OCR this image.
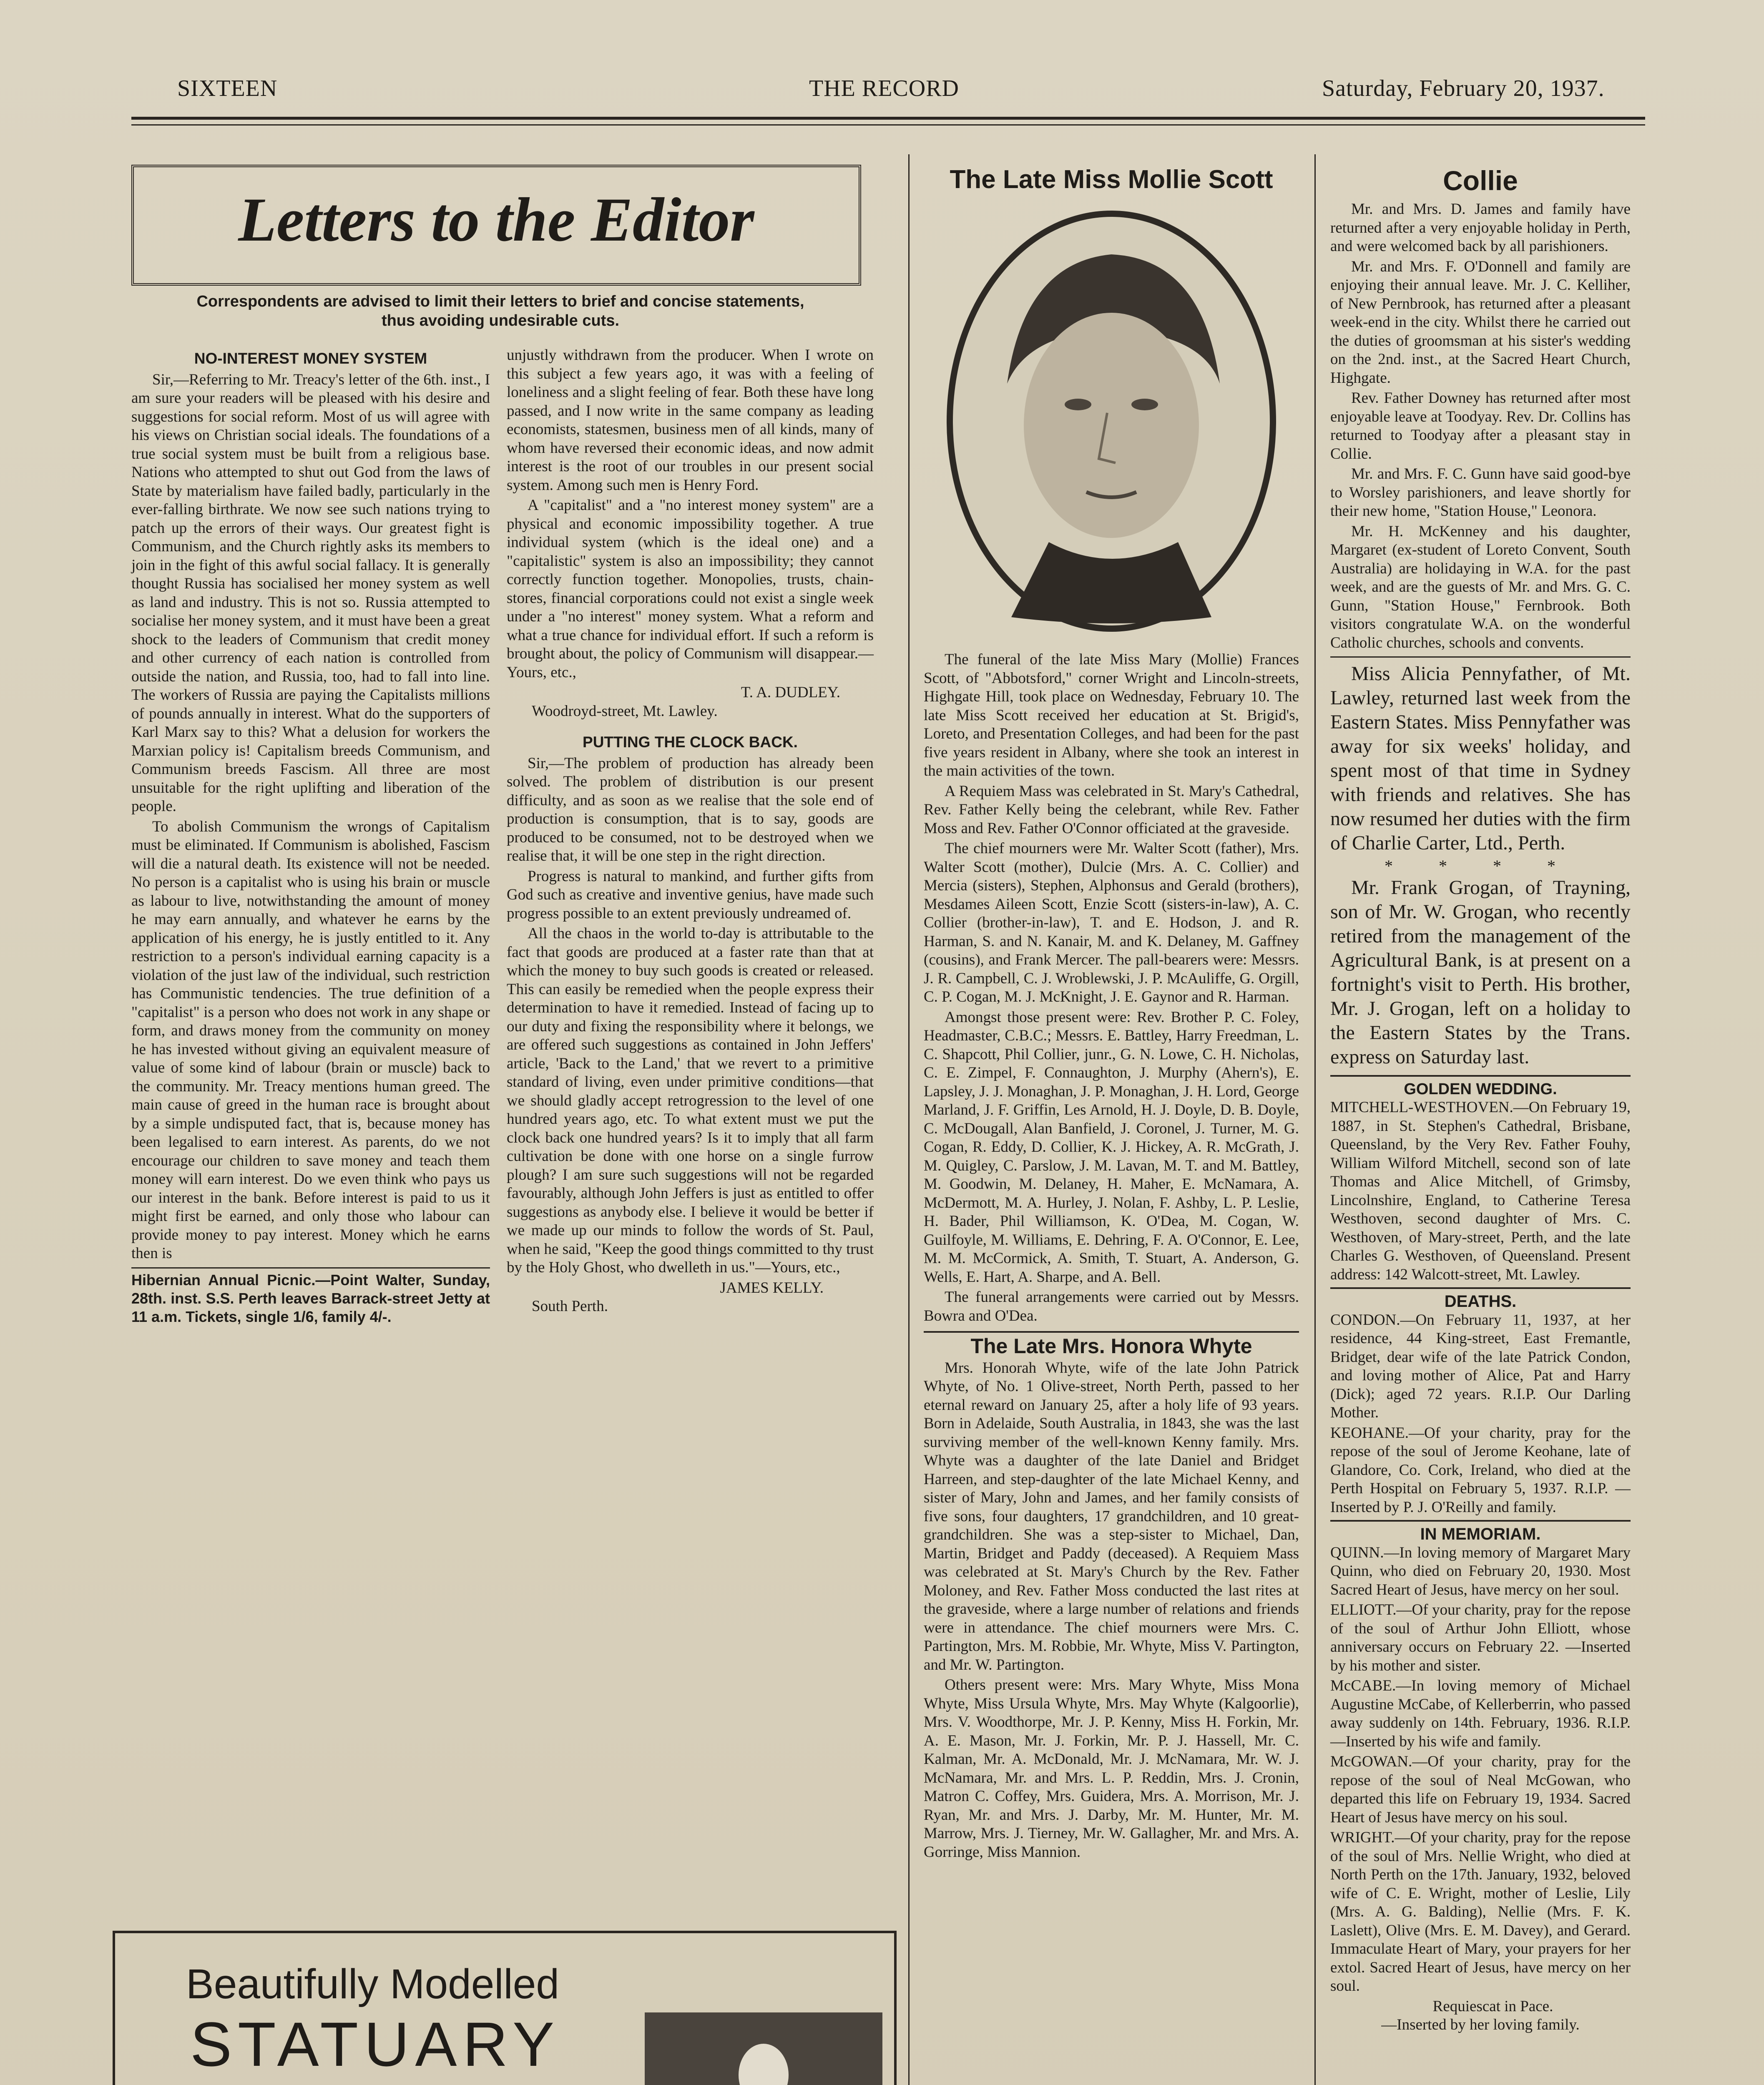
SIXTEEN	THE RECORD	Saturday, February 20, 1937.
Letters to the Editor
Correspondents are advised to limit their letters to brief and concise statements, thus avoiding undesirable cuts.
NO-INTEREST MONEY SYSTEM

Sir,—Referring to Mr. Treacy's letter of the 6th. inst., I am sure your readers will be pleased with his desire and suggestions for social reform. Most of us will agree with his views on Christian social ideals. The foundations of a true social system must be built from a religious base. Nations who attempted to shut out God from the laws of State by materialism have failed badly, particularly in the ever-falling birthrate. We now see such nations trying to patch up the errors of their ways. Our greatest fight is Communism, and the Church rightly asks its members to join in the fight of this awful social fallacy. It is generally thought Russia has socialised her money system as well as land and industry. This is not so. Russia attempted to socialise her money system, and it must have been a great shock to the leaders of Communism that credit money and other currency of each nation is controlled from outside the nation, and Russia, too, had to fall into line. The workers of Russia are paying the Capitalists millions of pounds annually in interest. What do the supporters of Karl Marx say to this? What a delusion for workers the Marxian policy is! Capitalism breeds Communism, and Communism breeds Fascism. All three are most unsuitable for the right uplifting and liberation of the people.

To abolish Communism the wrongs of Capitalism must be eliminated. If Communism is abolished, Fascism will die a natural death. Its existence will not be needed. No person is a capitalist who is using his brain or muscle as labour to live, notwithstanding the amount of money he may earn annually, and whatever he earns by the application of his energy, he is justly entitled to it. Any restriction to a person's individual earning capacity is a violation of the just law of the individual, such restriction has Communistic tendencies. The true definition of a "capitalist" is a person who does not work in any shape or form, and draws money from the community on money he has invested without giving an equivalent measure of value of some kind of labour (brain or muscle) back to the community. Mr. Treacy mentions human greed. The main cause of greed in the human race is brought about by a simple undisputed fact, that is, because money has been legalised to earn interest. As parents, do we not encourage our children to save money and teach them money will earn interest. Do we even think who pays us our interest in the bank. Before interest is paid to us it might first be earned, and only those who labour can provide money to pay interest. Money which he earns then is

Hibernian Annual Picnic.—Point Walter, Sunday, 28th. inst. S.S. Perth leaves Barrack-street Jetty at 11 a.m. Tickets, single 1/6, family 4/-.

unjustly withdrawn from the producer. When I wrote on this subject a few years ago, it was with a feeling of loneliness and a slight feeling of fear. Both these have long passed, and I now write in the same company as leading economists, statesmen, business men of all kinds, many of whom have reversed their economic ideas, and now admit interest is the root of our troubles in our present social system. Among such men is Henry Ford.

A "capitalist" and a "no interest money system" are a physical and economic impossibility together. A true individual system (which is the ideal one) and a "capitalistic" system is also an impossibility; they cannot correctly function together. Monopolies, trusts, chain-stores, financial corporations could not exist a single week under a "no interest" money system. What a reform and what a true chance for individual effort. If such a reform is brought about, the policy of Communism will disappear.—Yours, etc.,

T. A. DUDLEY.
Woodroyd-street, Mt. Lawley.
PUTTING THE CLOCK BACK.

Sir,—The problem of production has already been solved. The problem of distribution is our present difficulty, and as soon as we realise that the sole end of production is consumption, that is to say, goods are produced to be consumed, not to be destroyed when we realise that, it will be one step in the right direction.

Progress is natural to mankind, and further gifts from God such as creative and inventive genius, have made such progress possible to an extent previously undreamed of.

All the chaos in the world to-day is attributable to the fact that goods are produced at a faster rate than that at which the money to buy such goods is created or released. This can easily be remedied when the people express their determination to have it remedied. Instead of facing up to our duty and fixing the responsibility where it belongs, we are offered such suggestions as contained in John Jeffers' article, 'Back to the Land,' that we revert to a primitive standard of living, even under primitive conditions—that we should gladly accept retrogression to the level of one hundred years ago, etc. To what extent must we put the clock back one hundred years? Is it to imply that all farm cultivation be done with one horse on a single furrow plough? I am sure such suggestions will not be regarded favourably, although John Jeffers is just as entitled to offer suggestions as anybody else. I believe it would be better if we made up our minds to follow the words of St. Paul, when he said, "Keep the good things committed to thy trust by the Holy Ghost, who dwelleth in us."—Yours, etc.,

JAMES KELLY.
South Perth.
Beautifully Modelled
STATUARY
The Late Miss Mollie Scott

The funeral of the late Miss Mary (Mollie) Frances Scott, of "Abbotsford," corner Wright and Lincoln-streets, Highgate Hill, took place on Wednesday, February 10. The late Miss Scott received her education at St. Brigid's, Loreto, and Presentation Colleges, and had been for the past five years resident in Albany, where she took an interest in the main activities of the town.

A Requiem Mass was celebrated in St. Mary's Cathedral, Rev. Father Kelly being the celebrant, while Rev. Father Moss and Rev. Father O'Connor officiated at the graveside.

The chief mourners were Mr. Walter Scott (father), Mrs. Walter Scott (mother), Dulcie (Mrs. A. C. Collier) and Mercia (sisters), Stephen, Alphonsus and Gerald (brothers), Mesdames Aileen Scott, Enzie Scott (sisters-in-law), A. C. Collier (brother-in-law), T. and E. Hodson, J. and R. Harman, S. and N. Kanair, M. and K. Delaney, M. Gaffney (cousins), and Frank Mercer. The pall-bearers were: Messrs. J. R. Campbell, C. J. Wroblewski, J. P. McAuliffe, G. Orgill, C. P. Cogan, M. J. McKnight, J. E. Gaynor and R. Harman.

Amongst those present were: Rev. Brother P. C. Foley, Headmaster, C.B.C.; Messrs. E. Battley, Harry Freedman, L. C. Shapcott, Phil Collier, junr., G. N. Lowe, C. H. Nicholas, C. E. Zimpel, F. Connaughton, J. Murphy (Ahern's), E. Lapsley, J. J. Monaghan, J. P. Monaghan, J. H. Lord, George Marland, J. F. Griffin, Les Arnold, H. J. Doyle, D. B. Doyle, C. McDougall, Alan Banfield, J. Coronel, J. Turner, M. G. Cogan, R. Eddy, D. Collier, K. J. Hickey, A. R. McGrath, J. M. Quigley, C. Parslow, J. M. Lavan, M. T. and M. Battley, M. Goodwin, M. Delaney, H. Maher, E. McNamara, A. McDermott, M. A. Hurley, J. Nolan, F. Ashby, L. P. Leslie, H. Bader, Phil Williamson, K. O'Dea, M. Cogan, W. Guilfoyle, M. Williams, E. Dehring, F. A. O'Connor, E. Lee, M. M. McCormick, A. Smith, T. Stuart, A. Anderson, G. Wells, E. Hart, A. Sharpe, and A. Bell.

The funeral arrangements were carried out by Messrs. Bowra and O'Dea.

The Late Mrs. Honora Whyte

Mrs. Honorah Whyte, wife of the late John Patrick Whyte, of No. 1 Olive-street, North Perth, passed to her eternal reward on January 25, after a holy life of 93 years. Born in Adelaide, South Australia, in 1843, she was the last surviving member of the well-known Kenny family. Mrs. Whyte was a daughter of the late Daniel and Bridget Harreen, and step-daughter of the late Michael Kenny, and sister of Mary, John and James, and her family consists of five sons, four daughters, 17 grandchildren, and 10 great-grandchildren. She was a step-sister to Michael, Dan, Martin, Bridget and Paddy (deceased). A Requiem Mass was celebrated at St. Mary's Church by the Rev. Father Moloney, and Rev. Father Moss conducted the last rites at the graveside, where a large number of relations and friends were in attendance. The chief mourners were Mrs. C. Partington, Mrs. M. Robbie, Mr. Whyte, Miss V. Partington, and Mr. W. Partington.

Others present were: Mrs. Mary Whyte, Miss Mona Whyte, Miss Ursula Whyte, Mrs. May Whyte (Kalgoorlie), Mrs. V. Woodthorpe, Mr. J. P. Kenny, Miss H. Forkin, Mr. A. E. Mason, Mr. J. Forkin, Mr. P. J. Hassell, Mr. C. Kalman, Mr. A. McDonald, Mr. J. McNamara, Mr. W. J. McNamara, Mr. and Mrs. L. P. Reddin, Mrs. J. Cronin, Matron C. Coffey, Mrs. Guidera, Mrs. A. Morrison, Mr. J. Ryan, Mr. and Mrs. J. Darby, Mr. M. Hunter, Mr. M. Marrow, Mrs. J. Tierney, Mr. W. Gallagher, Mr. and Mrs. A. Gorringe, Miss Mannion.

Collie

Mr. and Mrs. D. James and family have returned after a very enjoyable holiday in Perth, and were welcomed back by all parishioners.

Mr. and Mrs. F. O'Donnell and family are enjoying their annual leave. Mr. J. C. Kelliher, of New Pernbrook, has returned after a pleasant week-end in the city. Whilst there he carried out the duties of groomsman at his sister's wedding on the 2nd. inst., at the Sacred Heart Church, Highgate.

Rev. Father Downey has returned after most enjoyable leave at Toodyay. Rev. Dr. Collins has returned to Toodyay after a pleasant stay in Collie.

Mr. and Mrs. F. C. Gunn have said good-bye to Worsley parishioners, and leave shortly for their new home, "Station House," Leonora.

Mr. H. McKenney and his daughter, Margaret (ex-student of Loreto Convent, South Australia) are holidaying in W.A. for the past week, and are the guests of Mr. and Mrs. G. C. Gunn, "Station House," Fernbrook. Both visitors congratulate W.A. on the wonderful Catholic churches, schools and convents.

Miss Alicia Pennyfather, of Mt. Lawley, returned last week from the Eastern States. Miss Pennyfather was away for six weeks' holiday, and spent most of that time in Sydney with friends and relatives. She has now resumed her duties with the firm of Charlie Carter, Ltd., Perth.

* * * *

Mr. Frank Grogan, of Trayning, son of Mr. W. Grogan, who recently retired from the management of the Agricultural Bank, is at present on a fortnight's visit to Perth. His brother, Mr. J. Grogan, left on a holiday to the Eastern States by the Trans. express on Saturday last.

GOLDEN WEDDING.

MITCHELL-WESTHOVEN.—On February 19, 1887, in St. Stephen's Cathedral, Brisbane, Queensland, by the Very Rev. Father Fouhy, William Wilford Mitchell, second son of late Thomas and Alice Mitchell, of Grimsby, Lincolnshire, England, to Catherine Teresa Westhoven, second daughter of Mrs. C. Westhoven, of Mary-street, Perth, and the late Charles G. Westhoven, of Queensland. Present address: 142 Walcott-street, Mt. Lawley.

DEATHS.

CONDON.—On February 11, 1937, at her residence, 44 King-street, East Fremantle, Bridget, dear wife of the late Patrick Condon, and loving mother of Alice, Pat and Harry (Dick); aged 72 years. R.I.P. Our Darling Mother.

KEOHANE.—Of your charity, pray for the repose of the soul of Jerome Keohane, late of Glandore, Co. Cork, Ireland, who died at the Perth Hospital on February 5, 1937. R.I.P. —Inserted by P. J. O'Reilly and family.

IN MEMORIAM.

QUINN.—In loving memory of Margaret Mary Quinn, who died on February 20, 1930. Most Sacred Heart of Jesus, have mercy on her soul.

ELLIOTT.—Of your charity, pray for the repose of the soul of Arthur John Elliott, whose anniversary occurs on February 22. —Inserted by his mother and sister.

McCABE.—In loving memory of Michael Augustine McCabe, of Kellerberrin, who passed away suddenly on 14th. February, 1936. R.I.P. —Inserted by his wife and family.

McGOWAN.—Of your charity, pray for the repose of the soul of Neal McGowan, who departed this life on February 19, 1934. Sacred Heart of Jesus have mercy on his soul.

WRIGHT.—Of your charity, pray for the repose of the soul of Mrs. Nellie Wright, who died at North Perth on the 17th. January, 1932, beloved wife of C. E. Wright, mother of Leslie, Lily (Mrs. A. G. Balding), Nellie (Mrs. F. K. Laslett), Olive (Mrs. E. M. Davey), and Gerard. Immaculate Heart of Mary, your prayers for her extol. Sacred Heart of Jesus, have mercy on her soul.

Requiescat in Pace.
—Inserted by her loving family.
